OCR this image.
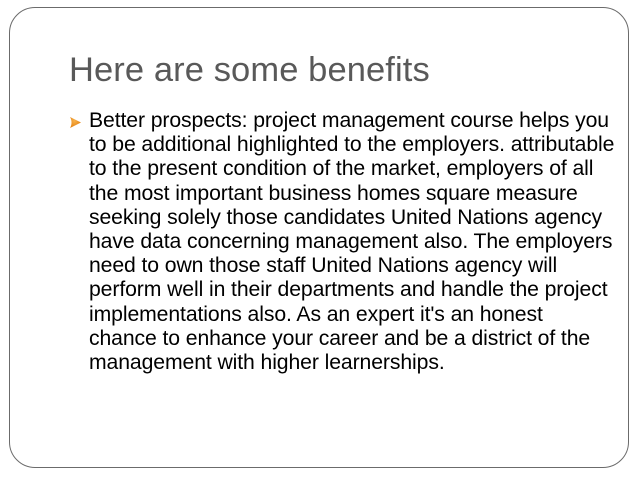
Here are some benefits
Better prospects: project management course helps you to be additional highlighted to the employers. attributable to the present condition of the market, employers of all the most important business homes square measure seeking solely those candidates United Nations agency have data concerning management also. The employers need to own those staff United Nations agency will perform well in their departments and handle the project implementations also. As an expert it's an honest chance to enhance your career and be a district of the management with higher learnerships.
